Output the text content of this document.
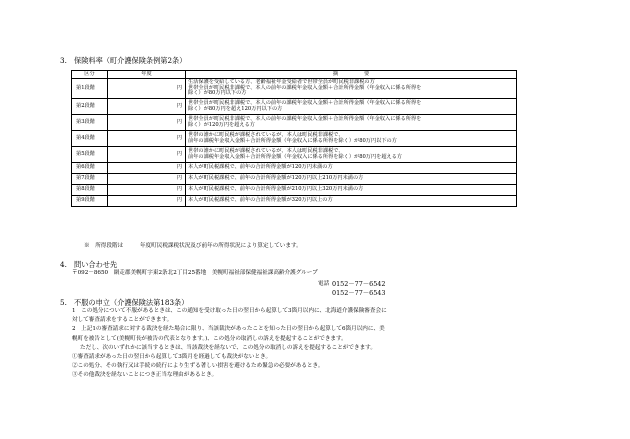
3.　保険料率（町介護保険条例第2条）
区分	年度	摘　　　　　要
第1段階	円	生活保護を受給している方、老齢福祉年金受給者で世帯全員が町民税非課税の方
世帯全員が町民税非課税で、本人の前年の課税年金収入金額＋合計所得金額（年金収入に係る所得を
除く）が80万円以下の方

第2段階	円	世帯全員が町民税非課税で、本人の前年の課税年金収入金額＋合計所得金額（年金収入に係る所得を
除く）が80万円を超え120万円以下の方

第3段階	円	世帯全員が町民税非課税で、本人の前年の課税年金収入金額＋合計所得金額（年金収入に係る所得を
除く）が120万円を超える方

第4段階	円	世帯の誰かに町民税が課税されているが、本人は町民税非課税で、
前年の課税年金収入金額＋合計所得金額（年金収入に係る所得を除く）が80万円以下の方

第5段階	円	世帯の誰かに町民税が課税されているが、本人は町民税非課税で、
前年の課税年金収入金額＋合計所得金額（年金収入に係る所得を除く）が80万円を超える方

第6段階	円	本人が町民税課税で、前年の合計所得金額が120万円未満の方

第7段階	円	本人が町民税課税で、前年の合計所得金額が120万円以上210万円未満の方

第8段階	円	本人が町民税課税で、前年の合計所得金額が210万円以上320万円未満の方

第9段階	円	本人が町民税課税で、前年の合計所得金額が320万円以上の方
※　所得段階は　　　年度町民税課税状況及び前年の所得状況により算定しています。
4.　問い合わせ先
〒092－8650　網走郡美幌町字東2条北2丁目25番地　美幌町福祉部保健福祉課高齢介護グループ
電話 0152－77－6542
0152－77－6543
5.　不服の申立（介護保険法第183条）
1　この処分について不服があるときは、この通知を受け取った日の翌日から起算して3箇月以内に、北海道介護保険審査会に
対して審査請求をすることができます。
2　上記1の審査請求に対する裁決を経た場合に限り、当該裁決があったことを知った日の翌日から起算して6箇月以内に、美
幌町を被告として(美幌町長が被告の代表となります。)、この処分の取消しの訴えを提起することができます。
ただし、次のいずれかに該当するときは、当該裁決を経ないで、この処分の取消しの訴えを提起することができます。
①審査請求があった日の翌日から起算して3箇月を経過しても裁決がないとき。
②この処分、その執行又は手続の続行により生ずる著しい損害を避けるため緊急の必要があるとき。
③その他裁決を経ないことにつき正当な理由があるとき。
